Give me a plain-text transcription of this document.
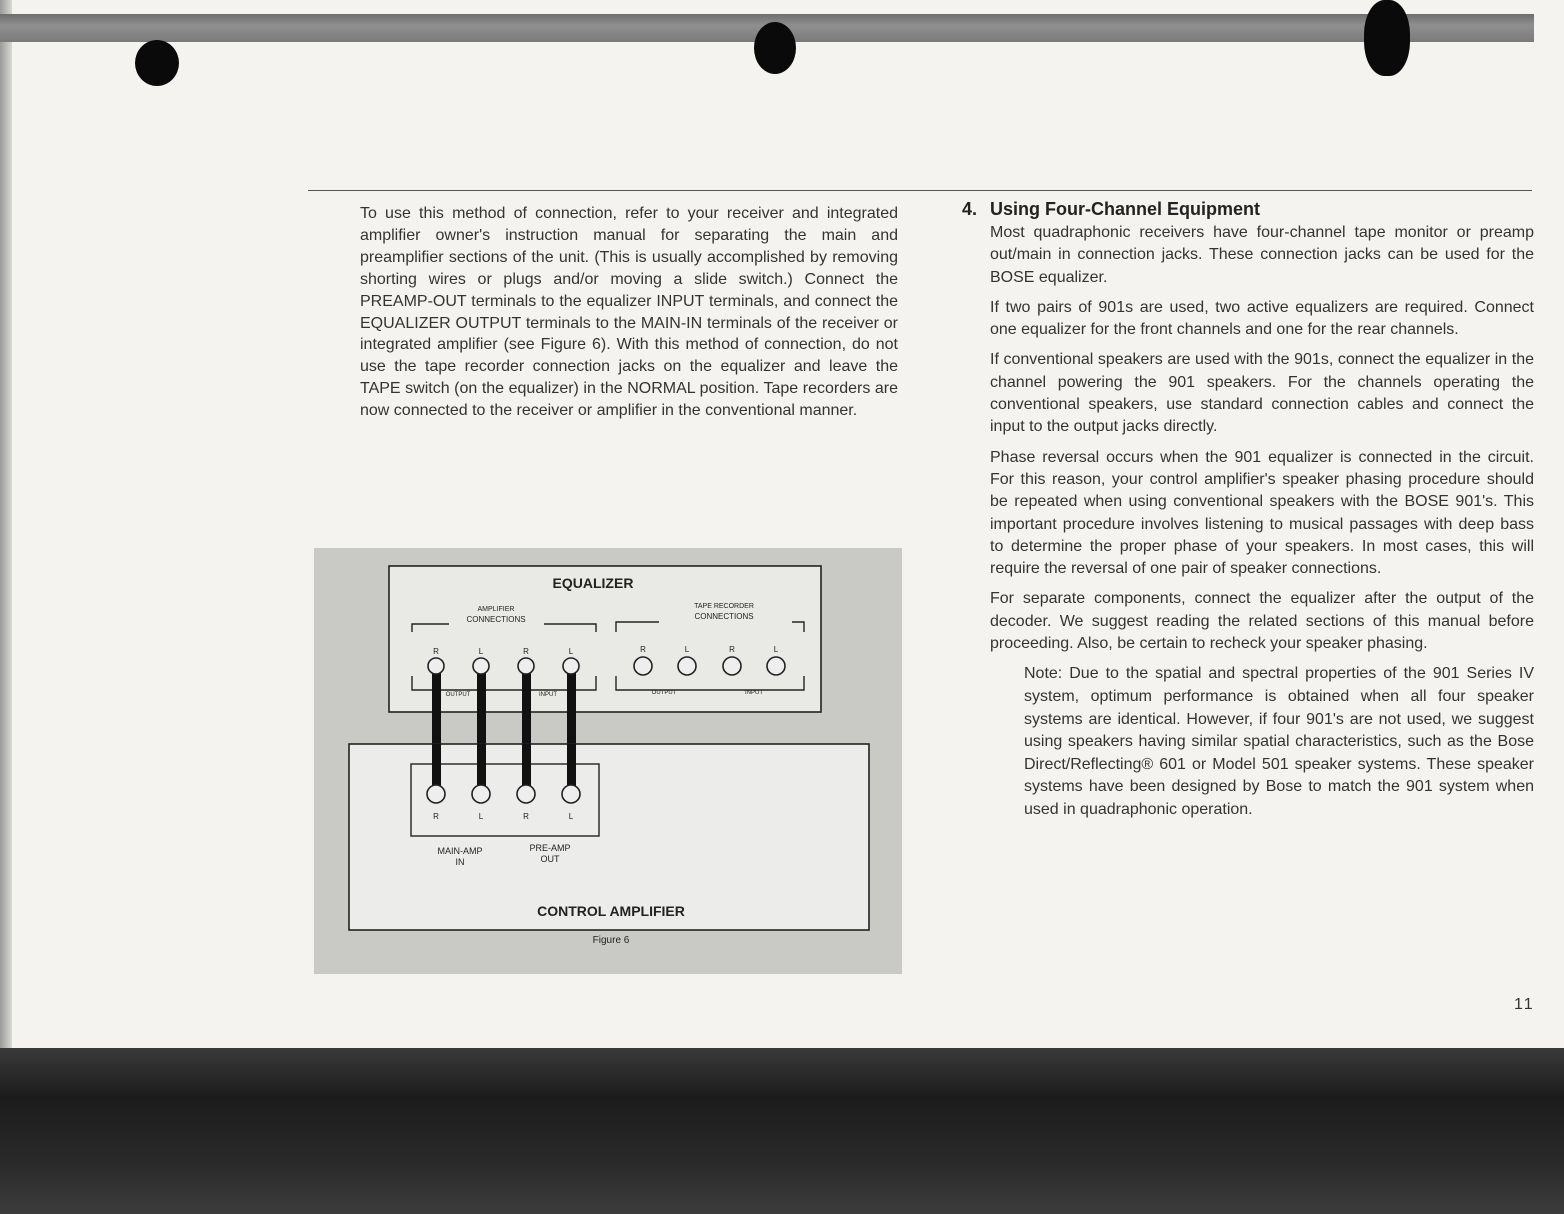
To use this method of connection, refer to your receiver and integrated amplifier owner's instruction manual for separating the main and preamplifier sections of the unit. (This is usually accomplished by removing shorting wires or plugs and/or moving a slide switch.) Connect the PREAMP-OUT terminals to the equalizer INPUT terminals, and connect the EQUALIZER OUTPUT terminals to the MAIN-IN terminals of the receiver or integrated amplifier (see Figure 6). With this method of connection, do not use the tape recorder connection jacks on the equalizer and leave the TAPE switch (on the equalizer) in the NORMAL position. Tape recorders are now connected to the receiver or amplifier in the conventional manner.

EQUALIZER
AMPLIFIER
CONNECTIONS
TAPE RECORDER
CONNECTIONS
R	L	R	L	R	L	R	L
OUTPUT	INPUT	OUTPUT	INPUT
R	L	R	L
MAIN-AMP
IN
PRE-AMP
OUT
CONTROL AMPLIFIER
Figure 6
4. Using Four-Channel Equipment

Most quadraphonic receivers have four-channel tape monitor or preamp out/main in connection jacks. These connection jacks can be used for the BOSE equalizer.

If two pairs of 901s are used, two active equalizers are required. Connect one equalizer for the front channels and one for the rear channels.

If conventional speakers are used with the 901s, connect the equalizer in the channel powering the 901 speakers. For the channels operating the conventional speakers, use standard connection cables and connect the input to the output jacks directly.

Phase reversal occurs when the 901 equalizer is connected in the circuit. For this reason, your control amplifier's speaker phasing procedure should be repeated when using conventional speakers with the BOSE 901's. This important procedure involves listening to musical passages with deep bass to determine the proper phase of your speakers. In most cases, this will require the reversal of one pair of speaker connections.

For separate components, connect the equalizer after the output of the decoder. We suggest reading the related sections of this manual before proceeding. Also, be certain to recheck your speaker phasing.

Note: Due to the spatial and spectral properties of the 901 Series IV system, optimum performance is obtained when all four speaker systems are identical. However, if four 901's are not used, we suggest using speakers having similar spatial characteristics, such as the Bose Direct/Reflecting® 601 or Model 501 speaker systems. These speaker systems have been designed by Bose to match the 901 system when used in quadraphonic operation.

11
